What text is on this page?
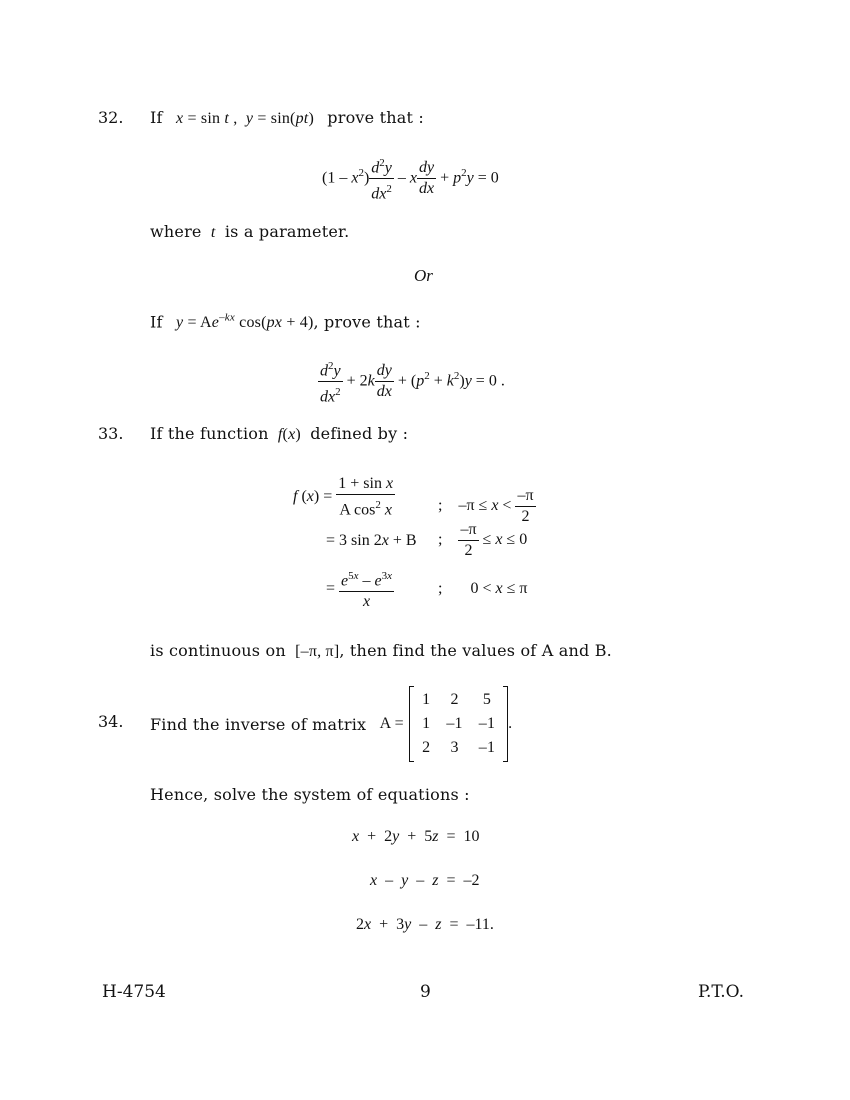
32. If x = sin t ,  y = sin(pt) prove that :
$(1 - x^2) \frac{d^2y}{dx^2} - x \frac{dy}{dx} + p^2y = 0$
where t is a parameter.
Or
If $y = Ae^{-kx}$ cos(px + 4), prove that :
$\frac{d^2y}{dx^2} + 2k \frac{dy}{dx} + (p^2 + k^2)y = 0$ .
33. If the function f(x) defined by :
f $(x) = \frac{\text{1 + sin x}}{A \cos^2 x}$	;    $-\pi \le x < \frac{-\pi}{2}$
= 3 sin 2x + B ; $\frac{-\pi}{2} \le x \le 0$
= $\frac{e^{5x} - e^{3x}}{x}$	;       0 < x ≤ π
is continuous on [–π, π], then find the values of A and B.
34. Find the inverse of matrix A =
1	2	5
1	–1	–1
2	3	–1
.
Hence, solve the system of equations :
x  +  2y  +  5z  =  10
x  –  y  –  z  =  –2
2x  +  3y  –  z  =  –11.
H-4754	9	P.T.O.
